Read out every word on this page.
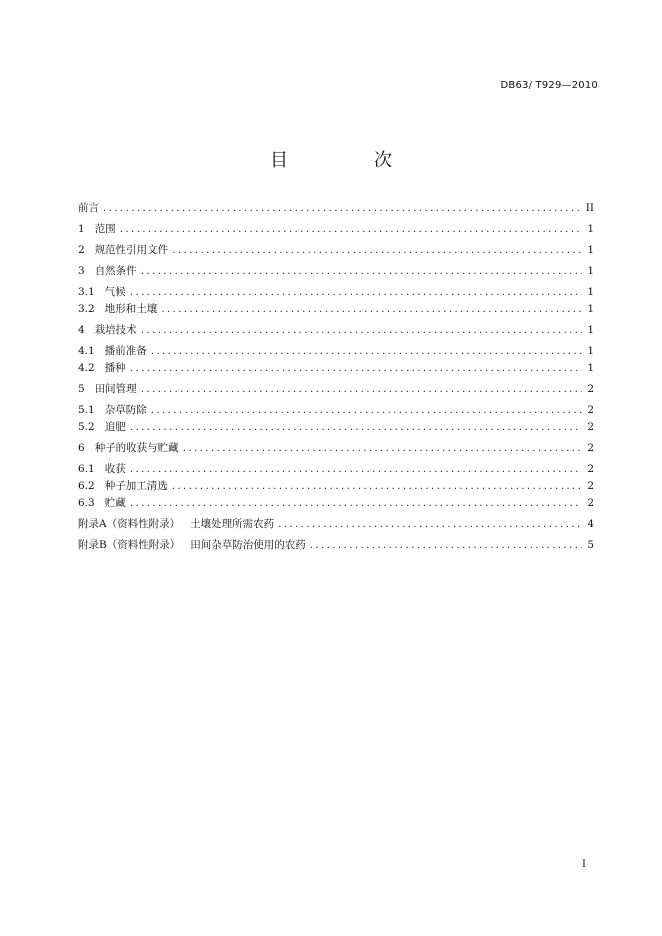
DB63/ T929—2010
目　次
前言 .....	II
1 范围 .....	1
2 规范性引用文件 .....	1
3 自然条件 .....	1
3.1 气候 .....	1
3.2 地形和土壤 .....	1
4 栽培技术 .....	1
4.1 播前准备 .....	1
4.2 播种 .....	1
5 田间管理 .....	2
5.1 杂草防除 .....	2
5.2 追肥 .....	2
6 种子的收获与贮藏 .....	2
6.1 收获 .....	2
6.2 种子加工清选 .....	2
6.3 贮藏 .....	2
附录A（资料性附录） 土壤处理所需农药 .....	4
附录B（资料性附录） 田间杂草防治使用的农药 .....	5
I
